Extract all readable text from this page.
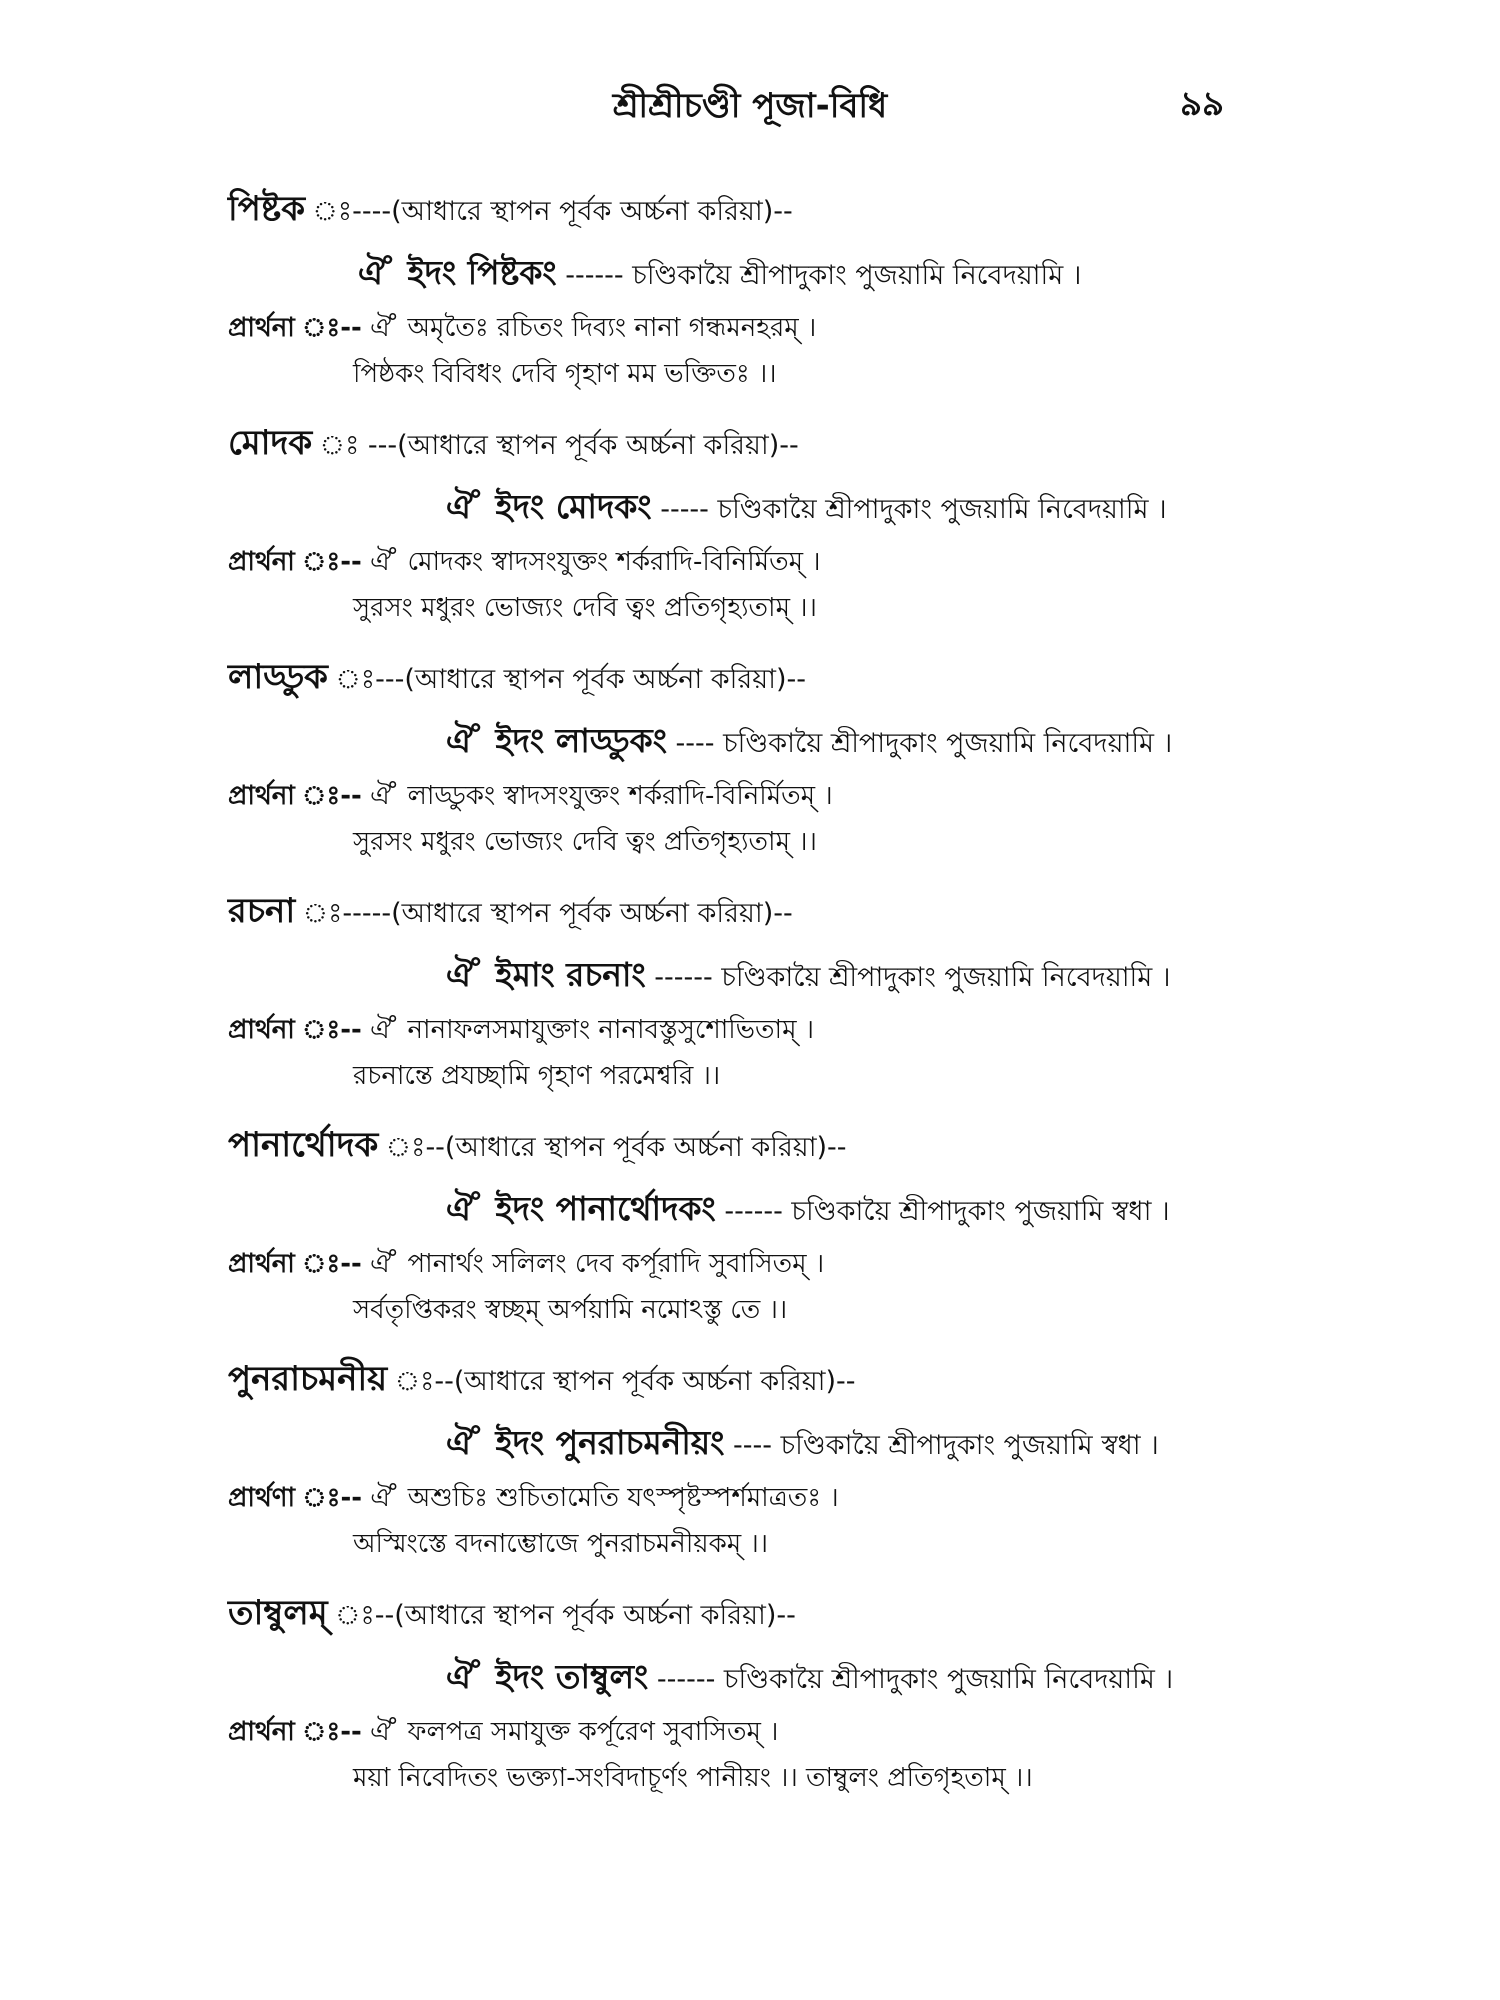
শ্রীশ্রীচণ্ডী পূজা-বিধি	৯৯
পিষ্টক ঃ----(আধারে স্থাপন পূর্বক অর্চ্চনা করিয়া)--
ঐ ̊ ইদং পিষ্টকং ------ চণ্ডিকায়ৈ শ্রীপাদুকাং পুজয়ামি নিবেদয়ামি ।
প্রার্থনা ঃ-- ঐ ̊ অমৃতৈঃ রচিতং দিব্যং নানা গন্ধমনহরম্ ।
পিষ্ঠকং বিবিধং দেবি গৃহাণ মম ভক্তিতঃ ।।
মোদক ঃ ---(আধারে স্থাপন পূর্বক অর্চ্চনা করিয়া)--
ঐ ̊ ইদং মোদকং ----- চণ্ডিকায়ৈ শ্রীপাদুকাং পুজয়ামি নিবেদয়ামি ।
প্রার্থনা ঃ-- ঐ ̊ মোদকং স্বাদসংযুক্তং শর্করাদি-বিনির্মিতম্ ।
সুরসং মধুরং ভোজ্যং দেবি ত্বং প্রতিগৃহ্যতাম্ ।।
লাড্ডুক ঃ---(আধারে স্থাপন পূর্বক অর্চ্চনা করিয়া)--
ঐ ̊ ইদং লাড্ডুকং ---- চণ্ডিকায়ৈ শ্রীপাদুকাং পুজয়ামি নিবেদয়ামি ।
প্রার্থনা ঃ-- ঐ ̊ লাড্ডুকং স্বাদসংযুক্তং শর্করাদি-বিনির্মিতম্ ।
সুরসং মধুরং ভোজ্যং দেবি ত্বং প্রতিগৃহ্যতাম্ ।।
রচনা ঃ-----(আধারে স্থাপন পূর্বক অর্চ্চনা করিয়া)--
ঐ ̊ ইমাং রচনাং ------ চণ্ডিকায়ৈ শ্রীপাদুকাং পুজয়ামি নিবেদয়ামি ।
প্রার্থনা ঃ-- ঐ ̊ নানাফলসমাযুক্তাং নানাবস্তুসুশোভিতাম্ ।
রচনান্তে প্রযচ্ছামি গৃহাণ পরমেশ্বরি ।।
পানার্থোদক ঃ--(আধারে স্থাপন পূর্বক অর্চ্চনা করিয়া)--
ঐ ̊ ইদং পানার্থোদকং ------ চণ্ডিকায়ৈ শ্রীপাদুকাং পুজয়ামি স্বধা ।
প্রার্থনা ঃ-- ঐ ̊ পানার্থং সলিলং দেব কর্পূরাদি সুবাসিতম্ ।
সর্বতৃপ্তিকরং স্বচ্ছম্ অর্পয়ামি নমোঽস্তু তে ।।
পুনরাচমনীয় ঃ--(আধারে স্থাপন পূর্বক অর্চ্চনা করিয়া)--
ঐ ̊ ইদং পুনরাচমনীয়ং ---- চণ্ডিকায়ৈ শ্রীপাদুকাং পুজয়ামি স্বধা ।
প্রার্থণা ঃ-- ঐ ̊ অশুচিঃ শুচিতামেতি যৎস্পৃষ্টস্পর্শমাত্রতঃ ।
অস্মিংস্তে বদনাম্ভোজে পুনরাচমনীয়কম্ ।।
তাম্বুলম্ ঃ--(আধারে স্থাপন পূর্বক অর্চ্চনা করিয়া)--
ঐ ̊ ইদং তাম্বুলং ------ চণ্ডিকায়ৈ শ্রীপাদুকাং পুজয়ামি নিবেদয়ামি ।
প্রার্থনা ঃ-- ঐ ̊ ফলপত্র সমাযুক্ত কর্পূরেণ সুবাসিতম্ ।
ময়া নিবেদিতং ভক্ত্যা-সংবিদাচূর্ণং পানীয়ং ।। তাম্বুলং প্রতিগৃহতাম্ ।।
